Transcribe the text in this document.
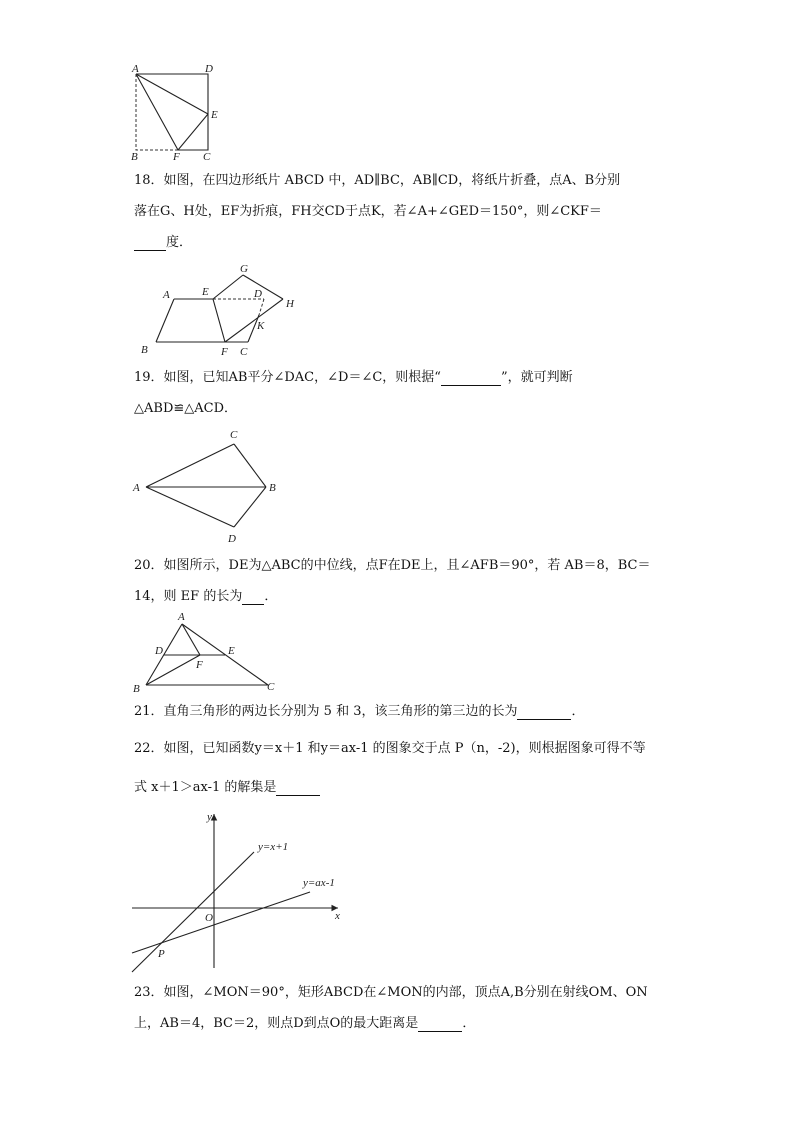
A	D
E
B	F C
18．如图，在四边形纸片 ABCD 中，AD∥BC，AB∥CD，将纸片折叠，点A、B分别
落在G、H处，EF为折痕，FH交CD于点K，若∠A+∠GED＝150°，则∠CKF＝
度．
G
A	E	D
H
K
B	F C
19．如图，已知AB平分∠DAC，∠D＝∠C，则根据“	”，就可判断
△ABD≌△ACD．
C
A	B
D
20．如图所示，DE为△ABC的中位线，点F在DE上，且∠AFB＝90°，若 AB＝8，BC＝
14，则 EF 的长为 ．
A
D	E
F
B	C
21．直角三角形的两边长分别为 5 和 3，该三角形的第三边的长为	．
22．如图，已知函数y＝x＋1 和y＝ax-1 的图象交于点 P（n，-2)，则根据图象可得不等
式 x＋1＞ax-1 的解集是
y
x
y=x+1
y=ax-1
O
P
23．如图，∠MON＝90°，矩形ABCD在∠MON的内部，顶点A,B分别在射线OM、ON
上，AB＝4，BC＝2，则点D到点O的最大距离是	．
